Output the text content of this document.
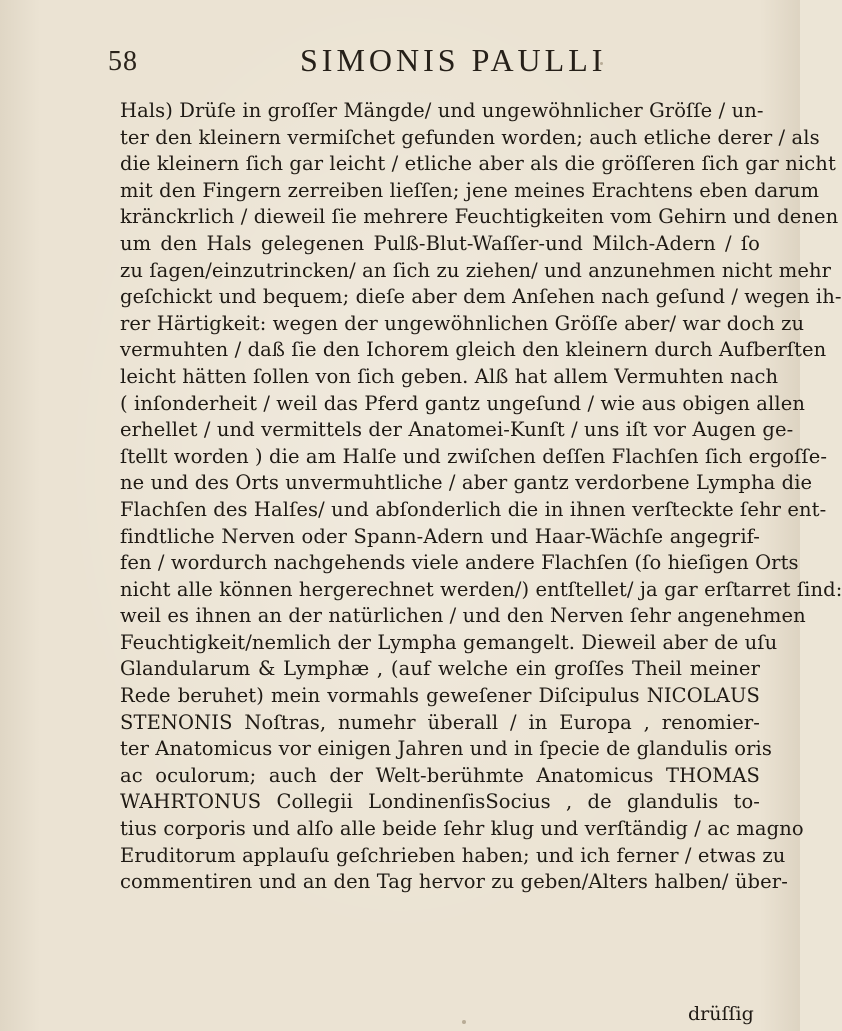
58	SIMONIS PAULLI
Hals) Drüſe in groſſer Mängde/ und ungewöhnlicher Gröſſe / un-
ter den kleinern vermiſchet gefunden worden; auch etliche derer / als
die kleinern ſich gar leicht / etliche aber als die gröſſeren ſich gar nicht
mit den Fingern zerreiben lieſſen; jene meines Erachtens eben darum
kränckrlich / dieweil ſie mehrere Feuchtigkeiten vom Gehirn und denen
um den Hals gelegenen Pulß-Blut-Waſſer-und Milch-Adern / ſo
zu ſagen/einzutrincken/ an ſich zu ziehen/ und anzunehmen nicht mehr
geſchickt und bequem; dieſe aber dem Anſehen nach geſund / wegen ih-
rer Härtigkeit: wegen der ungewöhnlichen Gröſſe aber/ war doch zu
vermuhten / daß ſie den Ichorem gleich den kleinern durch Aufberſten
leicht hätten ſollen von ſich geben. Alß hat allem Vermuhten nach
( inſonderheit / weil das Pferd gantz ungeſund / wie aus obigen allen
erhellet / und vermittels der Anatomei-Kunſt / uns iſt vor Augen ge-
ſtellt worden ) die am Halſe und zwiſchen deſſen Flachſen ſich ergoſſe-
ne und des Orts unvermuhtliche / aber gantz verdorbene Lympha die
Flachſen des Halſes/ und abſonderlich die in ihnen verſteckte ſehr ent-
findtliche Nerven oder Spann-Adern und Haar-Wächſe angegrif-
fen / wordurch nachgehends viele andere Flachſen (ſo hieſigen Orts
nicht alle können hergerechnet werden/) entſtellet/ ja gar erſtarret ſind:
weil es ihnen an der natürlichen / und den Nerven ſehr angenehmen
Feuchtigkeit/nemlich der Lympha gemangelt. Dieweil aber de uſu
Glandularum & Lymphæ , (auf welche ein groſſes Theil meiner
Rede beruhet) mein vormahls geweſener Diſcipulus NICOLAUS
STENONIS Noſtras, numehr überall / in Europa , renomier-
ter Anatomicus vor einigen Jahren und in ſpecie de glandulis oris
ac oculorum; auch der Welt-berühmte Anatomicus THOMAS
WAHRTONUS Collegii LondinenſisSocius , de glandulis to-
tius corporis und alſo alle beide ſehr klug und verſtändig / ac magno
Eruditorum applauſu geſchrieben haben; und ich ferner / etwas zu
commentiren und an den Tag hervor zu geben/Alters halben/ über-
drüſſig
